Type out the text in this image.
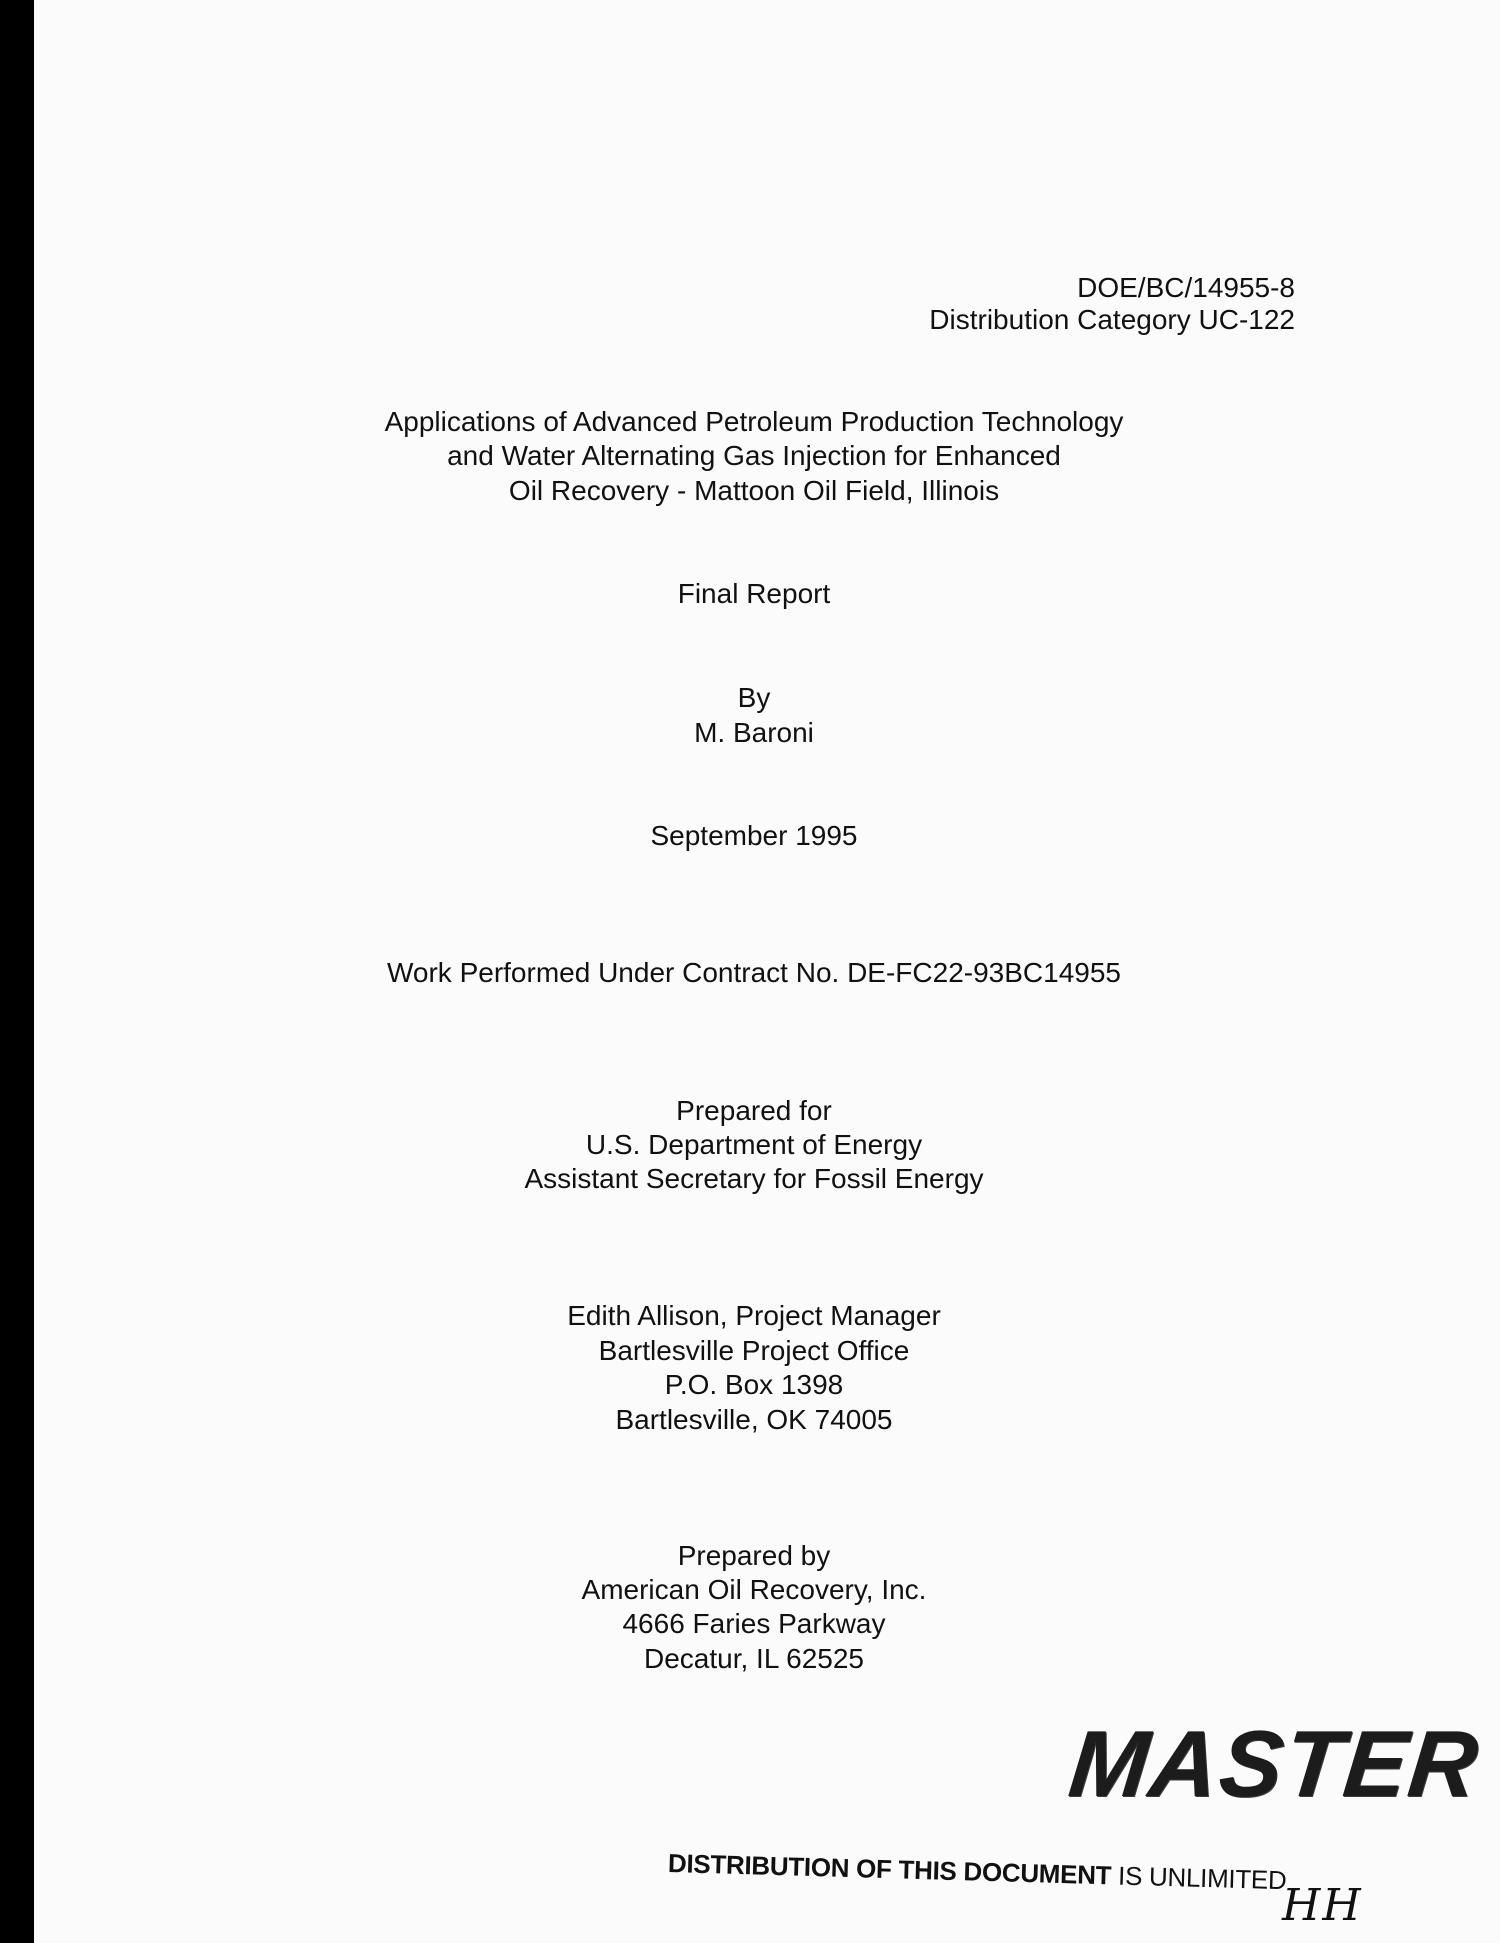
DOE/BC/14955-8
Distribution Category UC-122
Applications of Advanced Petroleum Production Technology
and Water Alternating Gas Injection for Enhanced
Oil Recovery - Mattoon Oil Field, Illinois
Final Report
By
M. Baroni
September 1995
Work Performed Under Contract No. DE-FC22-93BC14955
Prepared for
U.S. Department of Energy
Assistant Secretary for Fossil Energy
Edith Allison, Project Manager
Bartlesville Project Office
P.O. Box 1398
Bartlesville, OK 74005
Prepared by
American Oil Recovery, Inc.
4666 Faries Parkway
Decatur, IL 62525
MASTER
DISTRIBUTION OF THIS DOCUMENT IS UNLIMITED
HH
